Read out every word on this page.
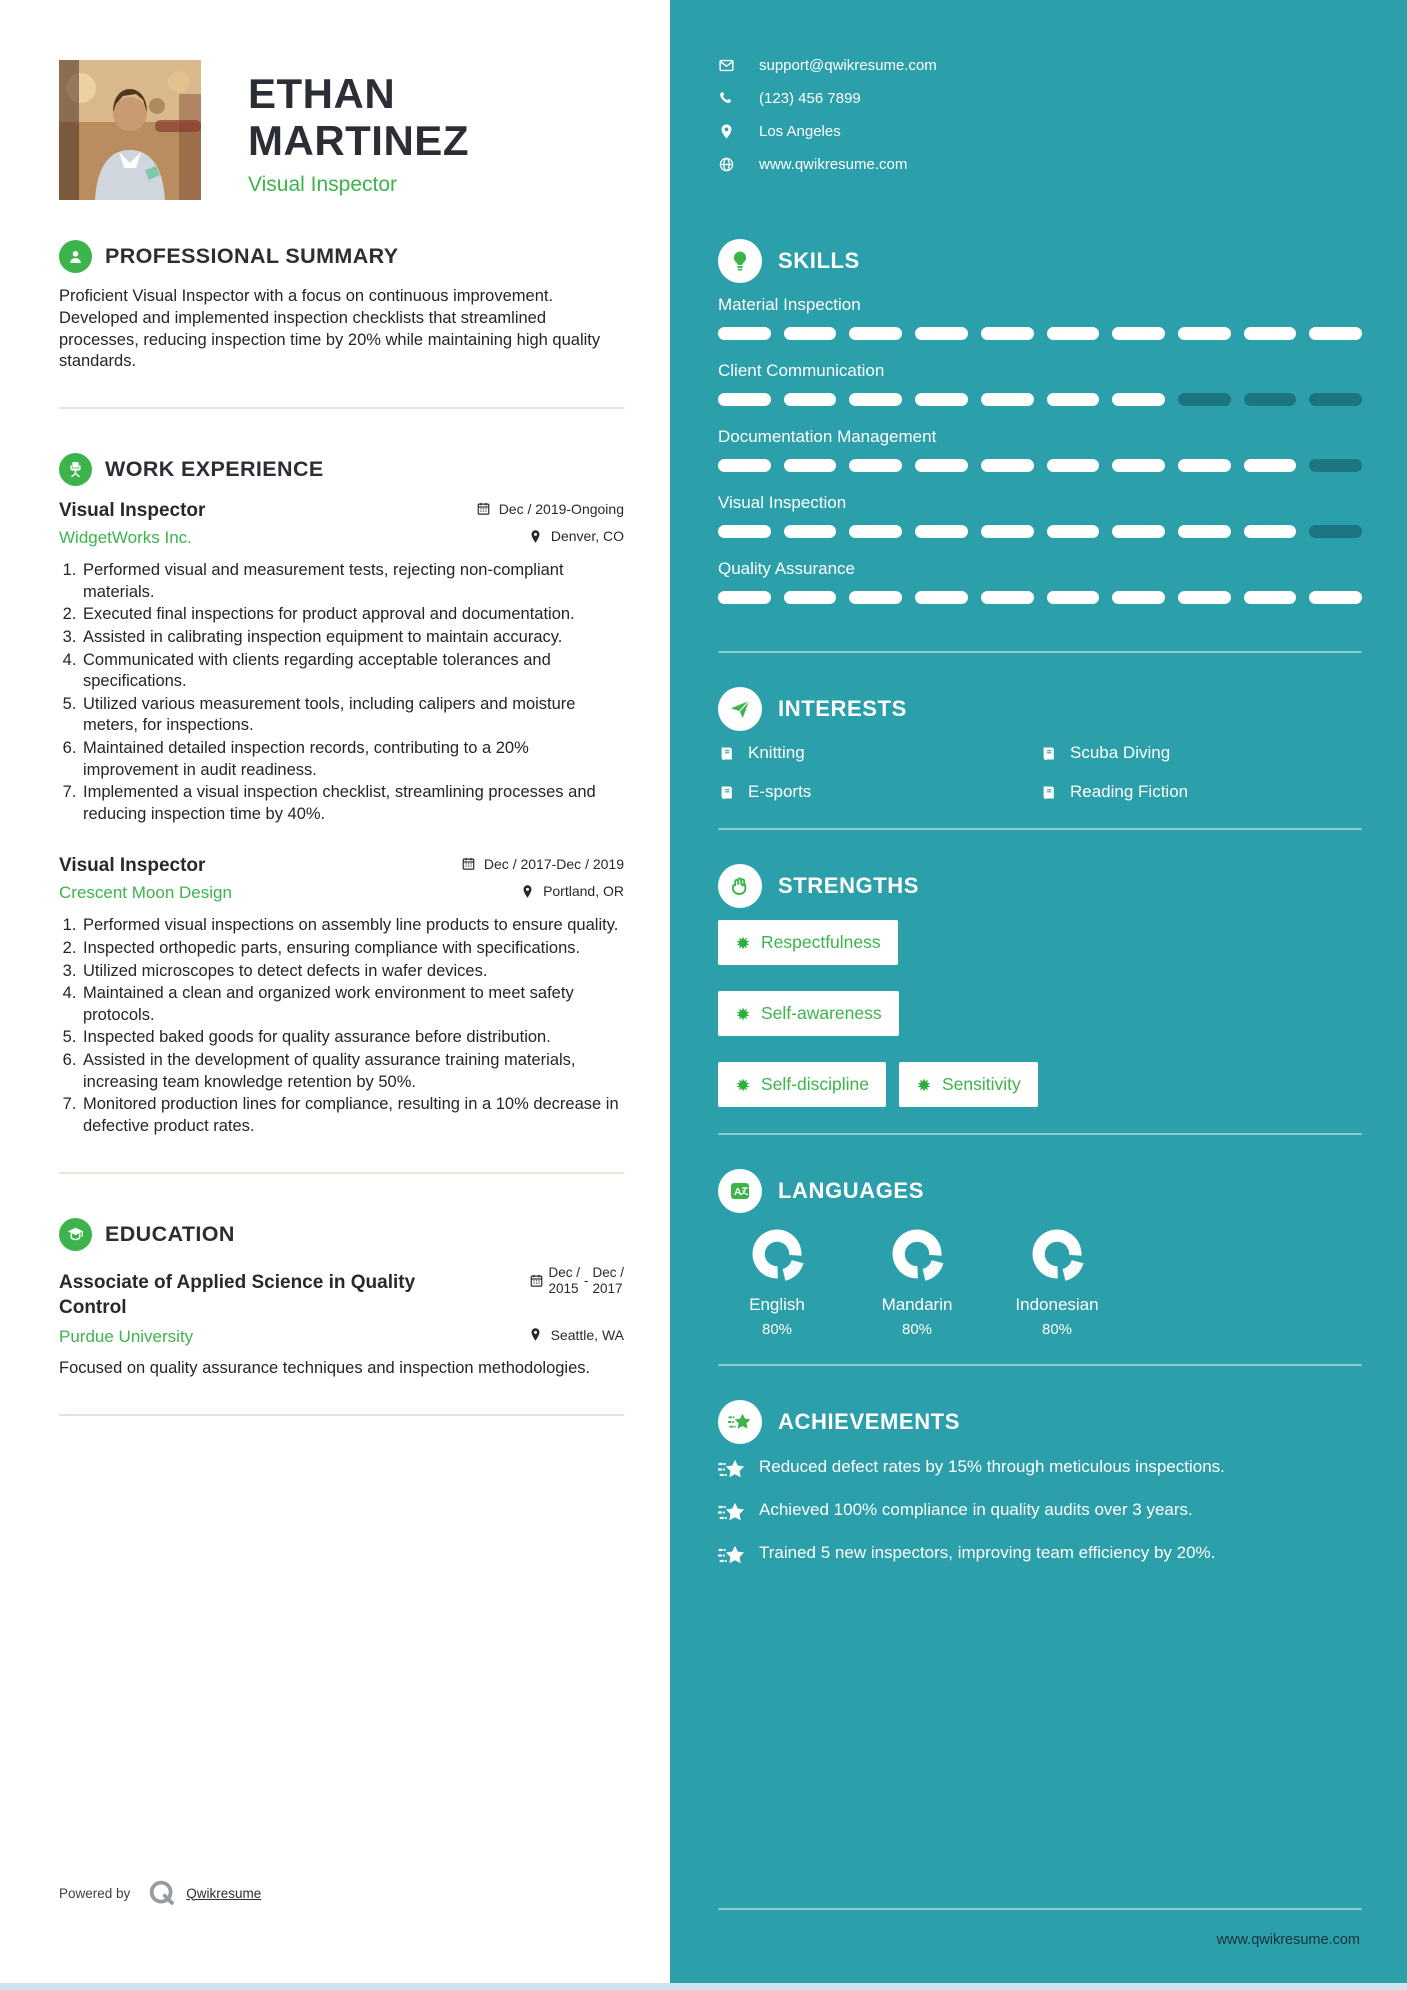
ETHAN
MARTINEZ
Visual Inspector
PROFESSIONAL SUMMARY
Proficient Visual Inspector with a focus on continuous improvement. Developed and implemented inspection checklists that streamlined processes, reducing inspection time by 20% while maintaining high quality standards.
WORK EXPERIENCE
Visual Inspector	Dec / 2019-Ongoing
WidgetWorks Inc.	Denver, CO
1. Performed visual and measurement tests, rejecting non-compliant materials.
2. Executed final inspections for product approval and documentation.
3. Assisted in calibrating inspection equipment to maintain accuracy.
4. Communicated with clients regarding acceptable tolerances and specifications.
5. Utilized various measurement tools, including calipers and moisture meters, for inspections.
6. Maintained detailed inspection records, contributing to a 20% improvement in audit readiness.
7. Implemented a visual inspection checklist, streamlining processes and reducing inspection time by 40%.
Visual Inspector	Dec / 2017-Dec / 2019
Crescent Moon Design	Portland, OR
1. Performed visual inspections on assembly line products to ensure quality.
2. Inspected orthopedic parts, ensuring compliance with specifications.
3. Utilized microscopes to detect defects in wafer devices.
4. Maintained a clean and organized work environment to meet safety protocols.
5. Inspected baked goods for quality assurance before distribution.
6. Assisted in the development of quality assurance training materials, increasing team knowledge retention by 50%.
7. Monitored production lines for compliance, resulting in a 10% decrease in defective product rates.
EDUCATION
Associate of Applied Science in Quality Control
Dec /
2015
-
Dec /
2017
Purdue University	Seattle, WA
Focused on quality assurance techniques and inspection methodologies.
Powered by	Qwikresume
support@qwikresume.com
(123) 456 7899
Los Angeles
www.qwikresume.com
SKILLS
Material Inspection
Client Communication
Documentation Management
Visual Inspection
Quality Assurance
INTERESTS
Knitting	Scuba Diving
E-sports	Reading Fiction
STRENGTHS
Respectfulness
Self-awareness
Self-discipline	Sensitivity
A LANGUAGES
English
80%
Mandarin
80%
Indonesian
80%
ACHIEVEMENTS
Reduced defect rates by 15% through meticulous inspections.
Achieved 100% compliance in quality audits over 3 years.
Trained 5 new inspectors, improving team efficiency by 20%.
www.qwikresume.com
